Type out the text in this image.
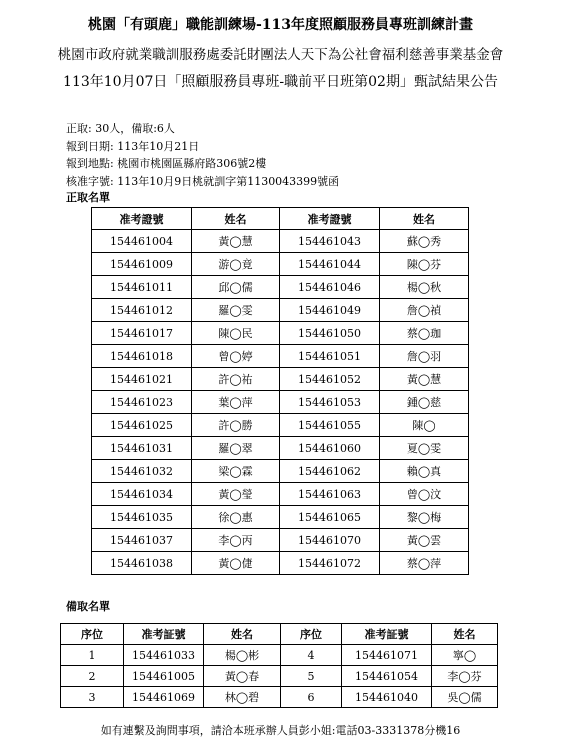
桃園「有頭鹿」職能訓練場-113年度照顧服務員專班訓練計畫
桃園市政府就業職訓服務處委託財團法人天下為公社會福利慈善事業基金會
113年10月07日「照顧服務員專班-職前平日班第02期」甄試結果公告
正取: 30人，備取:6人
報到日期: 113年10月21日
報到地點: 桃園市桃園區縣府路306號2樓
核准字號: 113年10月9日桃就訓字第1130043399號函
正取名單
准考證號	姓名	准考證號	姓名
154461004	黃◯慧	154461043	蘇◯秀
154461009	游◯竟	154461044	陳◯芬
154461011	邱◯儒	154461046	楊◯秋
154461012	羅◯雯	154461049	詹◯禎
154461017	陳◯民	154461050	蔡◯珈
154461018	曾◯婷	154461051	詹◯羽
154461021	許◯祐	154461052	黃◯慧
154461023	葉◯萍	154461053	鍾◯慈
154461025	許◯勝	154461055	陳◯
154461031	羅◯翠	154461060	夏◯雯
154461032	梁◯霖	154461062	賴◯真
154461034	黃◯瑩	154461063	曾◯汶
154461035	徐◯惠	154461065	黎◯梅
154461037	李◯丙	154461070	黃◯雲
154461038	黃◯倢	154461072	蔡◯萍
備取名單
序位	准考証號	姓名	序位	准考証號	姓名
1	154461033	楊◯彬	4	154461071	寧◯
2	154461005	黃◯春	5	154461054	李◯芬
3	154461069	林◯碧	6	154461040	吳◯儒
如有連繫及詢問事項，請洽本班承辦人員彭小姐:電話03-3331378分機16
